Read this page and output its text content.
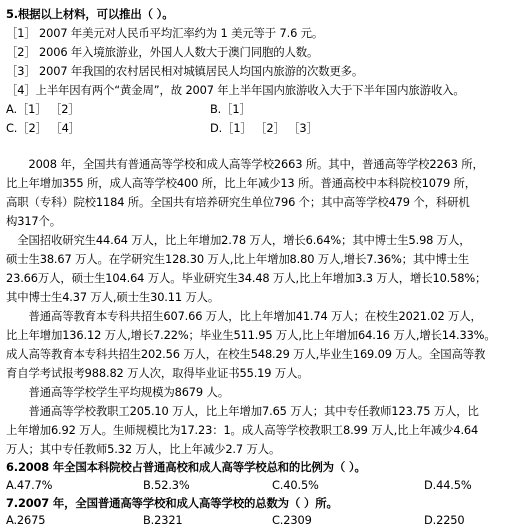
5.根据以上材料，可以推出（ ）。
［1］ 2007 年美元对人民币平均汇率约为 1 美元等于 7.6 元。
［2］ 2006 年入境旅游业，外国人人数大于澳门同胞的人数。
［3］ 2007 年我国的农村居民相对城镇居民人均国内旅游的次数更多。
［4］上半年因有两个“黄金周”，故 2007 年上半年国内旅游收入大于下半年国内旅游收入。
A.［1］ ［2］	B.［1］
C.［2］ ［4］	D.［1］ ［2］ ［3］
　　2008 年，全国共有普通高等学校和成人高等学校2663 所。其中，普通高等学校2263 所，
比上年增加355 所，成人高等学校400 所，比上年减少13 所。普通高校中本科院校1079 所，
高职（专科）院校1184 所。全国共有培养研究生单位796 个；其中高等学校479 个，科研机
构317个。
　全国招收研究生44.64 万人，比上年增加2.78 万人，增长6.64%；其中博士生5.98 万人，
硕士生38.67 万人。在学研究生128.30 万人,比上年增加8.80 万人,增长7.36%；其中博士生
23.66万人，硕士生104.64 万人。毕业研究生34.48 万人,比上年增加3.3 万人，增长10.58%；
其中博士生4.37 万人,硕士生30.11 万人。
　　普通高等教育本专科共招生607.66 万人，比上年增加41.74 万人；在校生2021.02 万人，
比上年增加136.12 万人,增长7.22%；毕业生511.95 万人,比上年增加64.16 万人,增长14.33%。
成人高等教育本专科共招生202.56 万人，在校生548.29 万人,毕业生169.09 万人。全国高等教
育自学考试报考988.82 万人次，取得毕业证书55.19 万人。
　　普通高等学校学生平均规模为8679 人。
　　普通高等学校教职工205.10 万人，比上年增加7.65 万人；其中专任教师123.75 万人，比
上年增加6.92 万人。生师规模比为17.23：1。成人高等学校教职工8.99 万人,比上年减少4.64
万人；其中专任教师5.32 万人，比上年减少2.7 万人。
6.2008 年全国本科院校占普通高校和成人高等学校总和的比例为（ ）。
A.47.7%	B.52.3%	C.40.5%	D.44.5%
7.2007 年，全国普通高等学校和成人高等学校的总数为（ ）所。
A.2675	B.2321	C.2309	D.2250
